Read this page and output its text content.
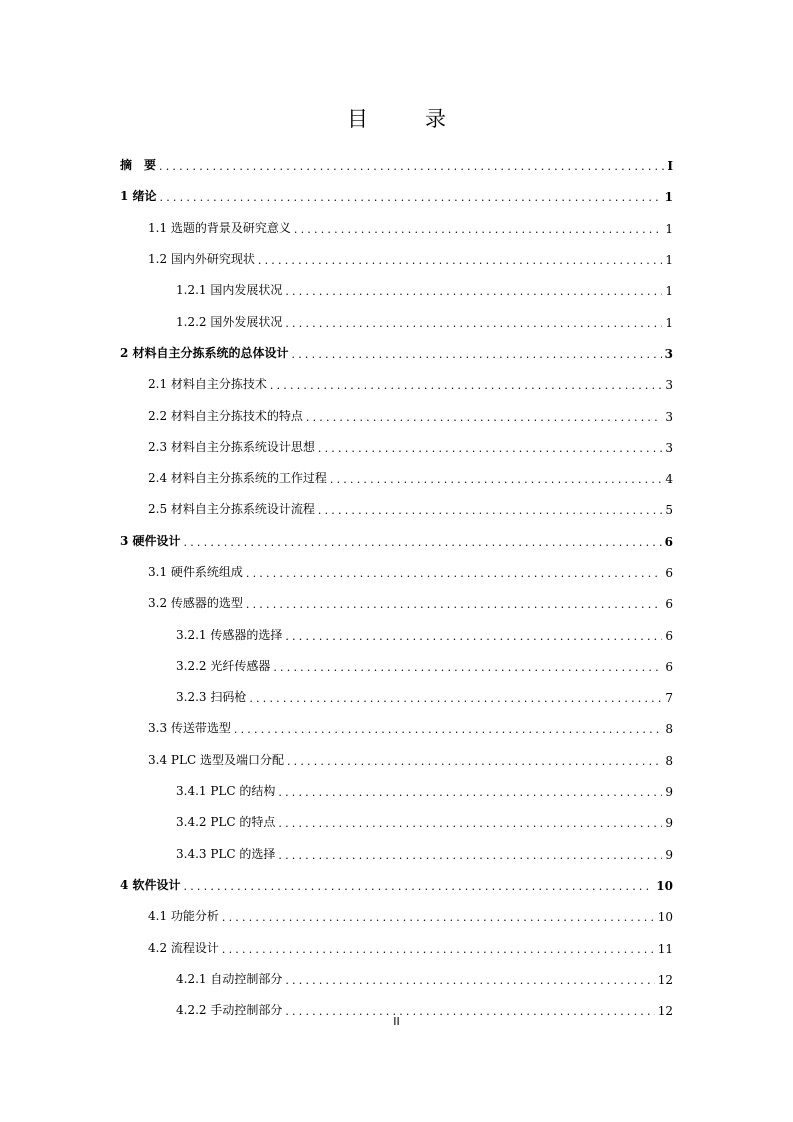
目　录
摘　要 .....	I
1 绪论 .....	1
1.1 选题的背景及研究意义 .....	1
1.2 国内外研究现状 .....	1
1.2.1 国内发展状况 .....	1
1.2.2 国外发展状况 .....	1
2 材料自主分拣系统的总体设计 .....	3
2.1 材料自主分拣技术 .....	3
2.2 材料自主分拣技术的特点 .....	3
2.3 材料自主分拣系统设计思想 .....	3
2.4 材料自主分拣系统的工作过程 .....	4
2.5 材料自主分拣系统设计流程 .....	5
3 硬件设计 .....	6
3.1 硬件系统组成 .....	6
3.2 传感器的选型 .....	6
3.2.1 传感器的选择 .....	6
3.2.2 光纤传感器 .....	6
3.2.3 扫码枪 .....	7
3.3 传送带选型 .....	8
3.4 PLC 选型及端口分配 .....	8
3.4.1 PLC 的结构 .....	9
3.4.2 PLC 的特点 .....	9
3.4.3 PLC 的选择 .....	9
4 软件设计 .....	10
4.1 功能分析 .....	10
4.2 流程设计 .....	11
4.2.1 自动控制部分 .....	12
4.2.2 手动控制部分 .....	12
II
